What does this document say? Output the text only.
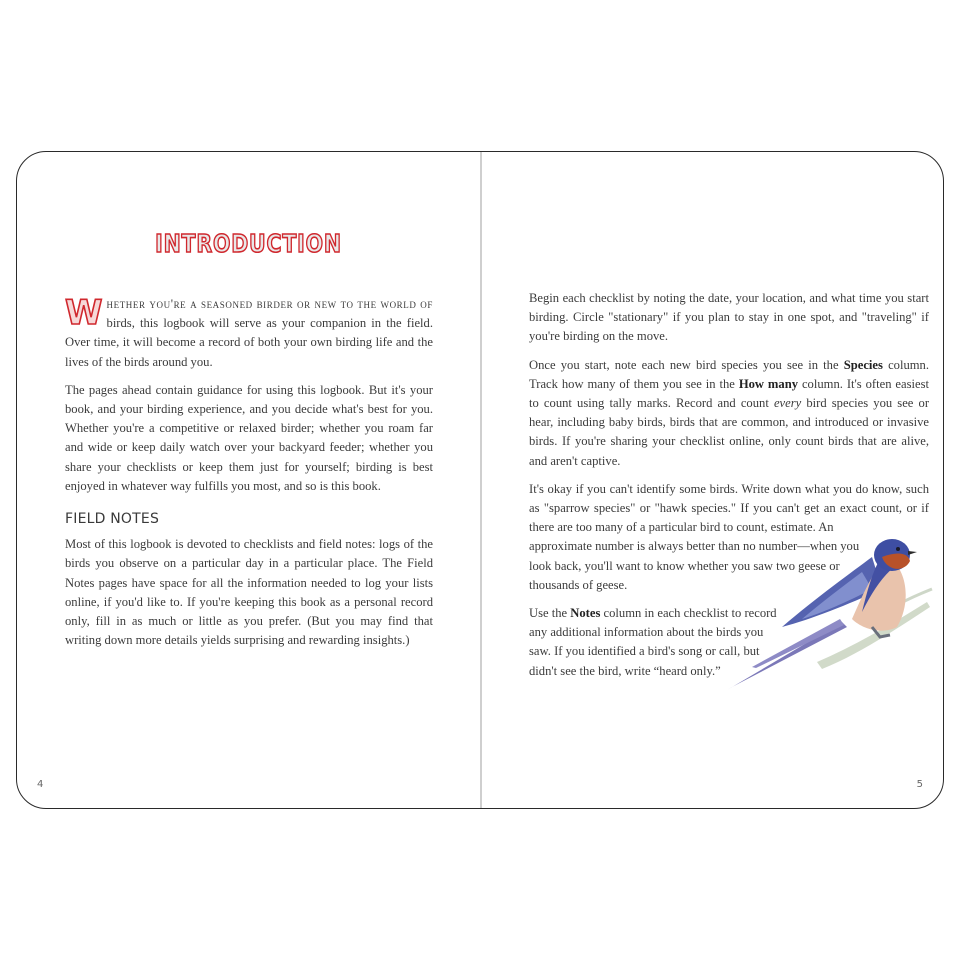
INTRODUCTION

Whether you're a seasoned birder or new to the world of birds, this logbook will serve as your companion in the field. Over time, it will become a record of both your own birding life and the lives of the birds around you.

The pages ahead contain guidance for using this logbook. But it's your book, and your birding experience, and you decide what's best for you. Whether you're a competitive or relaxed birder; whether you roam far and wide or keep daily watch over your backyard feeder; whether you share your checklists or keep them just for yourself; birding is best enjoyed in whatever way fulfills you most, and so is this book.

FIELD NOTES

Most of this logbook is devoted to checklists and field notes: logs of the birds you observe on a particular day in a particular place. The Field Notes pages have space for all the information needed to log your lists online, if you'd like to. If you're keeping this book as a personal record only, fill in as much or little as you prefer. (But you may find that writing down more details yields surprising and rewarding insights.)

4

Begin each checklist by noting the date, your location, and what time you start birding. Circle "stationary" if you plan to stay in one spot, and "traveling" if you're birding on the move.

Once you start, note each new bird species you see in the Species column. Track how many of them you see in the How many column. It's often easiest to count using tally marks. Record and count every bird species you see or hear, including baby birds, birds that are common, and introduced or invasive birds. If you're sharing your checklist online, only count birds that are alive, and aren't captive.

It's okay if you can't identify some birds. Write down what you do know, such as "sparrow species" or "hawk species." If you can't get an exact count, or if there are too many of a particular bird to count, estimate. An

approximate number is always better than no number—when you look back, you'll want to know whether you saw two geese or thousands of geese.

Use the Notes column in each checklist to record any additional information about the birds you saw. If you identified a bird's song or call, but didn't see the bird, write “heard only.”

5
